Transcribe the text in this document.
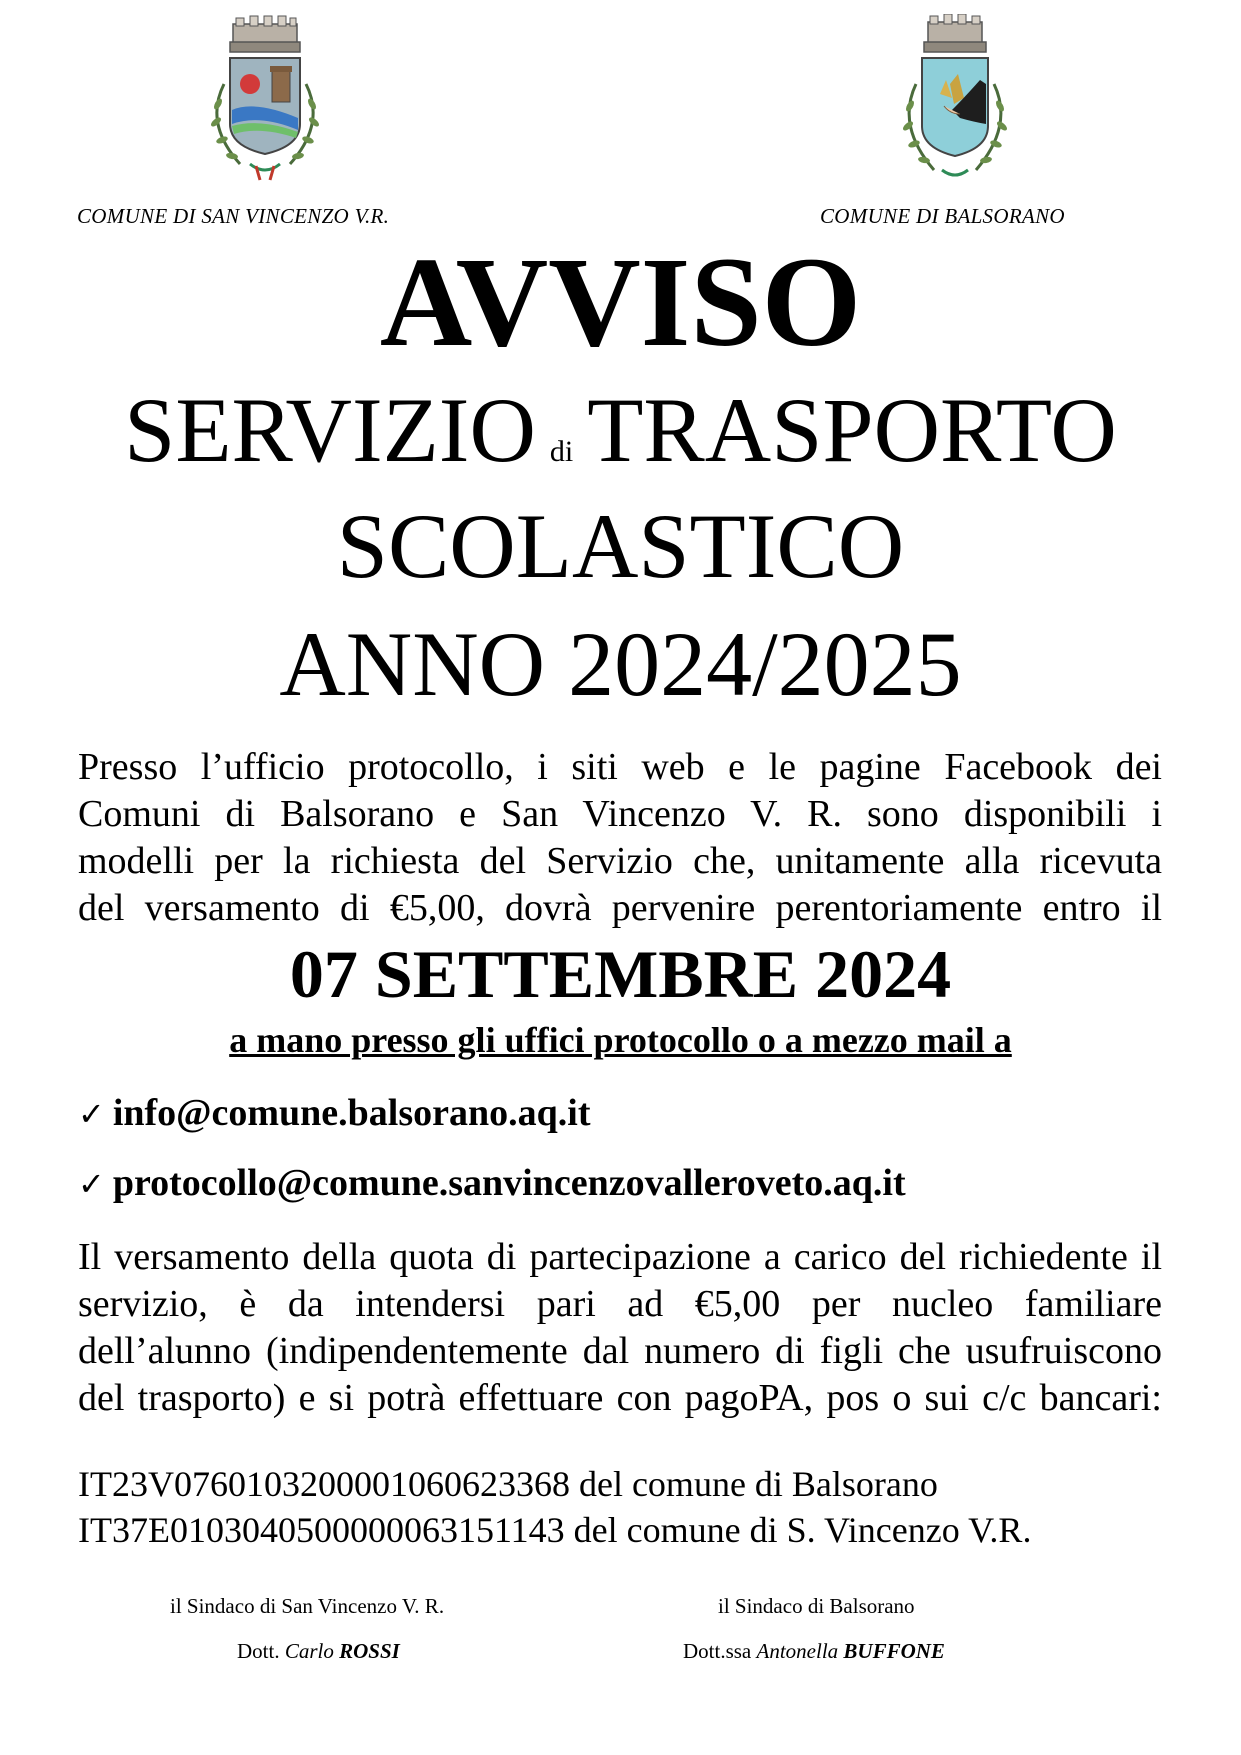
COMUNE DI SAN VINCENZO V.R.	COMUNE DI BALSORANO
AVVISO
SERVIZIO di TRASPORTO
SCOLASTICO
ANNO 2024/2025
Presso l’ufficio protocollo, i siti web e le pagine Facebook dei
Comuni di Balsorano e San Vincenzo V. R. sono disponibili i
modelli per la richiesta del Servizio che, unitamente alla ricevuta
del versamento di €5,00, dovrà pervenire perentoriamente entro il
07 SETTEMBRE 2024
a mano presso gli uffici protocollo o a mezzo mail a
✓ info@comune.balsorano.aq.it
✓ protocollo@comune.sanvincenzovalleroveto.aq.it
Il versamento della quota di partecipazione a carico del richiedente il
servizio, è da intendersi pari ad €5,00 per nucleo familiare
dell’alunno (indipendentemente dal numero di figli che usufruiscono
del trasporto) e si potrà effettuare con pagoPA, pos o sui c/c bancari:
IT23V0760103200001060623368 del comune di Balsorano
IT37E0103040500000063151143 del comune di S. Vincenzo V.R.
il Sindaco di San Vincenzo V. R.	il Sindaco di Balsorano
Dott. Carlo ROSSI	Dott.ssa Antonella BUFFONE
